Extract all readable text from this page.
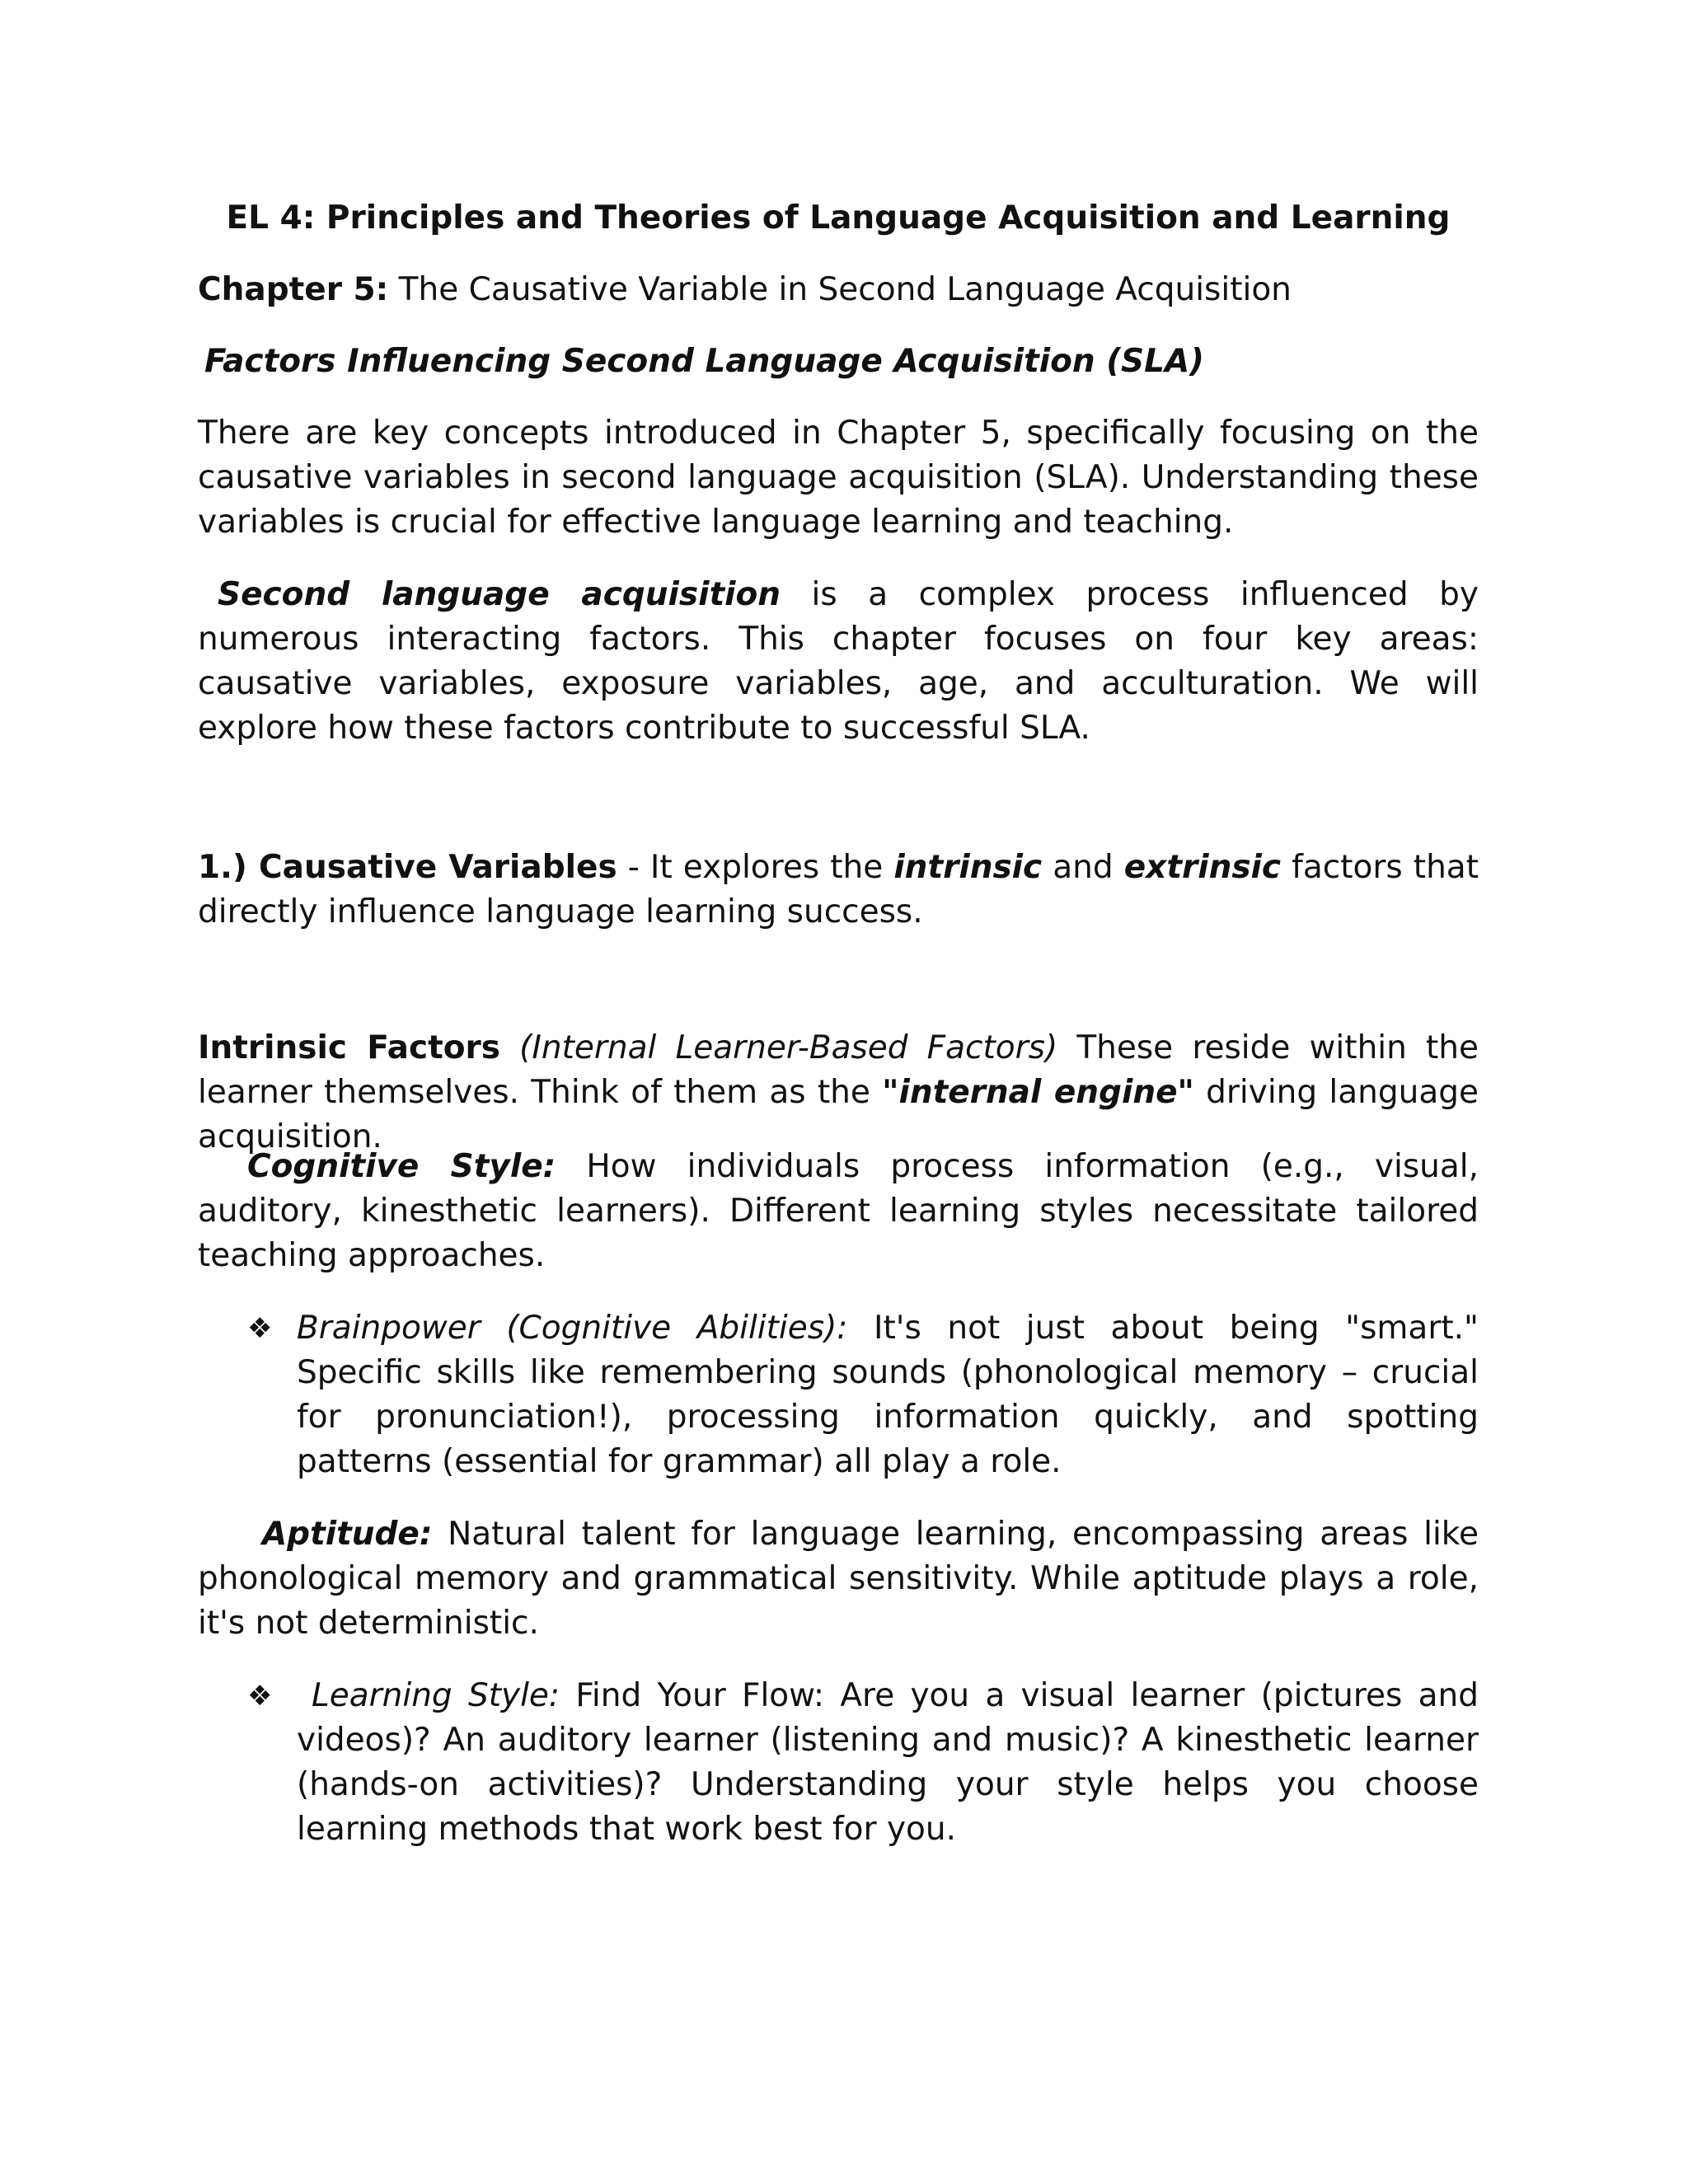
EL 4: Principles and Theories of Language Acquisition and Learning
Chapter 5: The Causative Variable in Second Language Acquisition
Factors Influencing Second Language Acquisition (SLA)
There are key concepts introduced in Chapter 5, specifically focusing on the causative variables in second language acquisition (SLA). Understanding these variables is crucial for effective language learning and teaching.
Second language acquisition is a complex process influenced by numerous interacting factors. This chapter focuses on four key areas: causative variables, exposure variables, age, and acculturation. We will explore how these factors contribute to successful SLA.
1.) Causative Variables - It explores the intrinsic and extrinsic factors that directly influence language learning success.
Intrinsic Factors (Internal Learner-Based Factors) These reside within the learner themselves. Think of them as the "internal engine" driving language acquisition.
Cognitive Style: How individuals process information (e.g., visual, auditory, kinesthetic learners). Different learning styles necessitate tailored teaching approaches.
❖ Brainpower (Cognitive Abilities): It's not just about being "smart." Specific skills like remembering sounds (phonological memory – crucial for pronunciation!), processing information quickly, and spotting patterns (essential for grammar) all play a role.
Aptitude: Natural talent for language learning, encompassing areas like phonological memory and grammatical sensitivity. While aptitude plays a role, it's not deterministic.
❖	Learning Style: Find Your Flow: Are you a visual learner (pictures and videos)? An auditory learner (listening and music)? A kinesthetic learner (hands-on activities)? Understanding your style helps you choose learning methods that work best for you.
